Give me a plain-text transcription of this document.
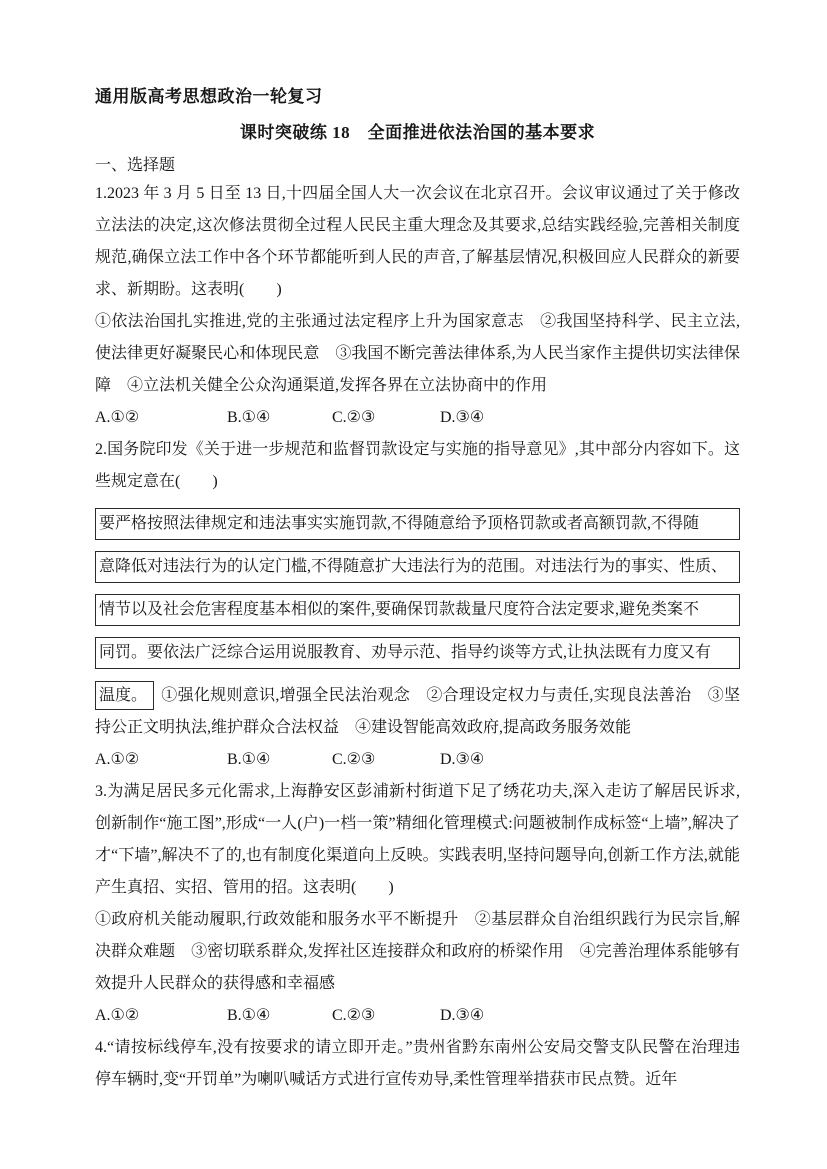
通用版高考思想政治一轮复习
课时突破练 18　全面推进依法治国的基本要求
一、选择题

1.2023 年 3 月 5 日至 13 日,十四届全国人大一次会议在北京召开。会议审议通过了关于修改立法法的决定,这次修法贯彻全过程人民民主重大理念及其要求,总结实践经验,完善相关制度规范,确保立法工作中各个环节都能听到人民的声音,了解基层情况,积极回应人民群众的新要求、新期盼。这表明(　　)

①依法治国扎实推进,党的主张通过法定程序上升为国家意志　②我国坚持科学、民主立法,使法律更好凝聚民心和体现民意　③我国不断完善法律体系,为人民当家作主提供切实法律保障　④立法机关健全公众沟通渠道,发挥各界在立法协商中的作用

A.①②	B.①④	C.②③	D.③④

2.国务院印发《关于进一步规范和监督罚款设定与实施的指导意见》,其中部分内容如下。这些规定意在(　　)

要严格按照法律规定和违法事实实施罚款,不得随意给予顶格罚款或者高额罚款,不得随
意降低对违法行为的认定门槛,不得随意扩大违法行为的范围。对违法行为的事实、性质、
情节以及社会危害程度基本相似的案件,要确保罚款裁量尺度符合法定要求,避免类案不
同罚。要依法广泛综合运用说服教育、劝导示范、指导约谈等方式,让执法既有力度又有

温度。 ①强化规则意识,增强全民法治观念　②合理设定权力与责任,实现良法善治　③坚持公正文明执法,维护群众合法权益　④建设智能高效政府,提高政务服务效能

A.①②	B.①④	C.②③	D.③④

3.为满足居民多元化需求,上海静安区彭浦新村街道下足了绣花功夫,深入走访了解居民诉求,创新制作“施工图”,形成“一人(户)一档一策”精细化管理模式:问题被制作成标签“上墙”,解决了才“下墙”,解决不了的,也有制度化渠道向上反映。实践表明,坚持问题导向,创新工作方法,就能产生真招、实招、管用的招。这表明(　　)

①政府机关能动履职,行政效能和服务水平不断提升　②基层群众自治组织践行为民宗旨,解决群众难题　③密切联系群众,发挥社区连接群众和政府的桥梁作用　④完善治理体系能够有效提升人民群众的获得感和幸福感

A.①②	B.①④	C.②③	D.③④

4.“请按标线停车,没有按要求的请立即开走。”贵州省黔东南州公安局交警支队民警在治理违停车辆时,变“开罚单”为喇叭喊话方式进行宣传劝导,柔性管理举措获市民点赞。近年
